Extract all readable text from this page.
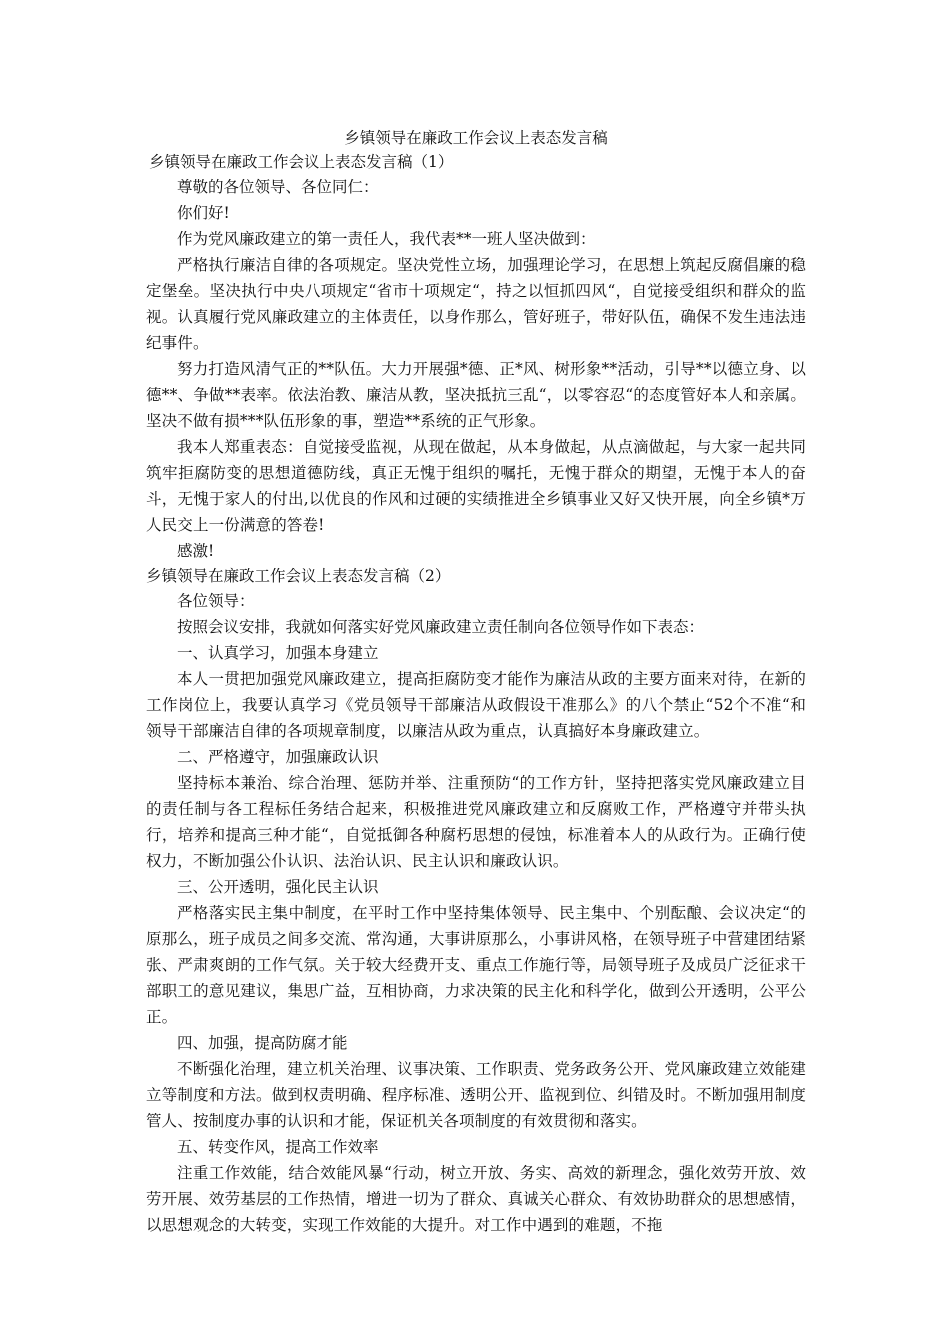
乡镇领导在廉政工作会议上表态发言稿

乡镇领导在廉政工作会议上表态发言稿（1）

尊敬的各位领导、各位同仁：

你们好!

作为党风廉政建立的第一责任人，我代表**一班人坚决做到：

严格执行廉洁自律的各项规定。坚决党性立场，加强理论学习，在思想上筑起反腐倡廉的稳定堡垒。坚决执行中央八项规定“省市十项规定“，持之以恒抓四风“，自觉接受组织和群众的监视。认真履行党风廉政建立的主体责任，以身作那么，管好班子，带好队伍，确保不发生违法违纪事件。

努力打造风清气正的**队伍。大力开展强*德、正*风、树形象**活动，引导**以德立身、以德**、争做**表率。依法治教、廉洁从教，坚决抵抗三乱“，以零容忍“的态度管好本人和亲属。坚决不做有损***队伍形象的事，塑造**系统的正气形象。

我本人郑重表态：自觉接受监视，从现在做起，从本身做起，从点滴做起，与大家一起共同筑牢拒腐防变的思想道德防线，真正无愧于组织的嘱托，无愧于群众的期望，无愧于本人的奋斗，无愧于家人的付出,以优良的作风和过硬的实绩推进全乡镇事业又好又快开展，向全乡镇*万人民交上一份满意的答卷!

感激!

乡镇领导在廉政工作会议上表态发言稿（2）

各位领导：

按照会议安排，我就如何落实好党风廉政建立责任制向各位领导作如下表态：

一、认真学习，加强本身建立

本人一贯把加强党风廉政建立，提高拒腐防变才能作为廉洁从政的主要方面来对待，在新的工作岗位上，我要认真学习《党员领导干部廉洁从政假设干准那么》的八个禁止“52个不准“和领导干部廉洁自律的各项规章制度，以廉洁从政为重点，认真搞好本身廉政建立。

二、严格遵守，加强廉政认识

坚持标本兼治、综合治理、惩防并举、注重预防“的工作方针，坚持把落实党风廉政建立目的责任制与各工程标任务结合起来，积极推进党风廉政建立和反腐败工作，严格遵守并带头执行，培养和提高三种才能“，自觉抵御各种腐朽思想的侵蚀，标准着本人的从政行为。正确行使权力，不断加强公仆认识、法治认识、民主认识和廉政认识。

三、公开透明，强化民主认识

严格落实民主集中制度，在平时工作中坚持集体领导、民主集中、个别酝酿、会议决定“的原那么，班子成员之间多交流、常沟通，大事讲原那么，小事讲风格，在领导班子中营建团结紧张、严肃爽朗的工作气氛。关于较大经费开支、重点工作施行等，局领导班子及成员广泛征求干部职工的意见建议，集思广益，互相协商，力求决策的民主化和科学化，做到公开透明，公平公正。

四、加强，提高防腐才能

不断强化治理，建立机关治理、议事决策、工作职责、党务政务公开、党风廉政建立效能建立等制度和方法。做到权责明确、程序标准、透明公开、监视到位、纠错及时。不断加强用制度管人、按制度办事的认识和才能，保证机关各项制度的有效贯彻和落实。

五、转变作风，提高工作效率

注重工作效能，结合效能风暴“行动，树立开放、务实、高效的新理念，强化效劳开放、效劳开展、效劳基层的工作热情，增进一切为了群众、真诚关心群众、有效协助群众的思想感情，以思想观念的大转变，实现工作效能的大提升。对工作中遇到的难题，不拖
